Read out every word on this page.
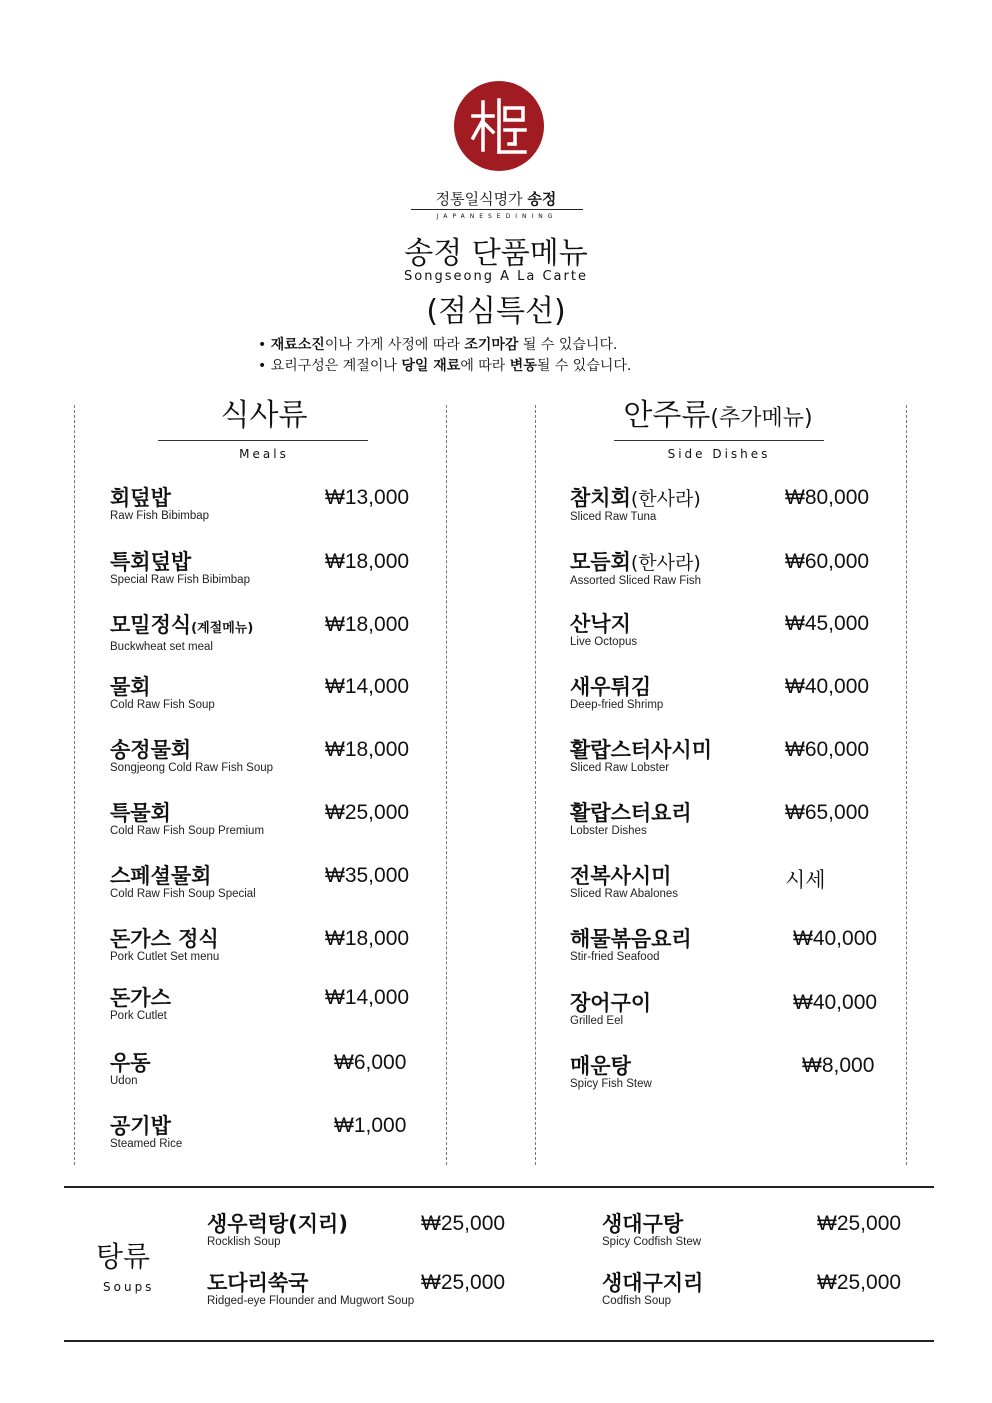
松亭
정통일식명가 송정
JAPANESEDINING
송정 단품메뉴
Songseong A La Carte
(점심특선)
• 재료소진이나 가게 사정에 따라 조기마감 될 수 있습니다.
• 요리구성은 계절이나 당일 재료에 따라 변동될 수 있습니다.
식사류
Meals
안주류(추가메뉴)
Side Dishes
회덮밥
Raw Fish Bibimbap
₩13,000
특회덮밥
Special Raw Fish Bibimbap
₩18,000
모밀정식(계절메뉴)
Buckwheat set meal
₩18,000
물회
Cold Raw Fish Soup
₩14,000
송정물회
Songjeong Cold Raw Fish Soup
₩18,000
특물회
Cold Raw Fish Soup Premium
₩25,000
스페셜물회
Cold Raw Fish Soup Special
₩35,000
돈가스 정식
Pork Cutlet Set menu
₩18,000
돈가스
Pork Cutlet
₩14,000
우동
Udon
₩6,000
공기밥
Steamed Rice
₩1,000
참치회(한사라)
Sliced Raw Tuna
₩80,000
모듬회(한사라)
Assorted Sliced Raw Fish
₩60,000
산낙지
Live Octopus
₩45,000
새우튀김
Deep-fried Shrimp
₩40,000
활랍스터사시미
Sliced Raw Lobster
₩60,000
활랍스터요리
Lobster Dishes
₩65,000
전복사시미
Sliced Raw Abalones
시세
해물볶음요리
Stir-fried Seafood
₩40,000
장어구이
Grilled Eel
₩40,000
매운탕
Spicy Fish Stew
₩8,000
탕류
Soups
생우럭탕(지리)
Rocklish Soup
₩25,000
도다리쑥국
Ridged-eye Flounder and Mugwort Soup
₩25,000
생대구탕
Spicy Codfish Stew
₩25,000
생대구지리
Codfish Soup
₩25,000
